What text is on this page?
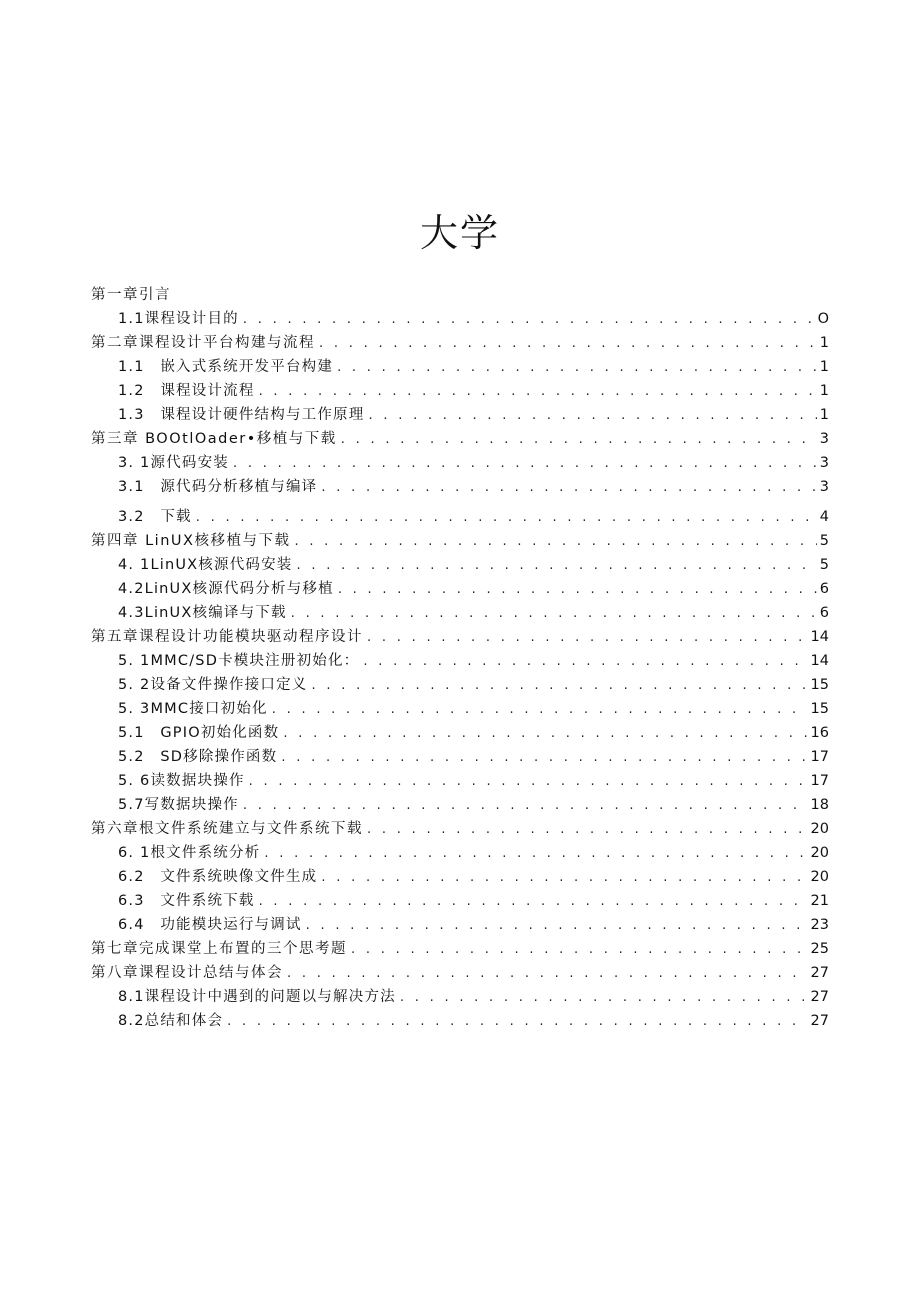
大学
第一章引言
1.1课程设计目的 . . .	O
第二章课程设计平台构建与流程 . . .	1
1.1　嵌入式系统开发平台构建 . . .	1
1.2　课程设计流程 . . .	1
1.3　课程设计硬件结构与工作原理 . . .	1
第三章 BOOtlOader•移植与下载 . . .	3
3. 1源代码安装 . . .	3
3.1　源代码分析移植与编译 . . .	3
3.2　下载 . . .	4
第四章 LinUX核移植与下载 . . .	5
4. 1LinUX核源代码安装 . . .	5
4.2LinUX核源代码分析与移植 . . .	6
4.3LinUX核编译与下载 . . .	6
第五章课程设计功能模块驱动程序设计 . . .	14
5. 1MMC/SD卡模块注册初始化： . . .	14
5. 2设备文件操作接口定义 . . .	15
5. 3MMC接口初始化 . . .	15
5.1　GPIO初始化函数 . . .	16
5.2　SD移除操作函数 . . .	17
5. 6读数据块操作 . . .	17
5.7写数据块操作 . . .	18
第六章根文件系统建立与文件系统下载 . . .	20
6. 1根文件系统分析 . . .	20
6.2　文件系统映像文件生成 . . .	20
6.3　文件系统下载 . . .	21
6.4　功能模块运行与调试 . . .	23
第七章完成课堂上布置的三个思考题 . . .	25
第八章课程设计总结与体会 . . .	27
8.1课程设计中遇到的问题以与解决方法 . . .	27
8.2总结和体会 . . .	27
